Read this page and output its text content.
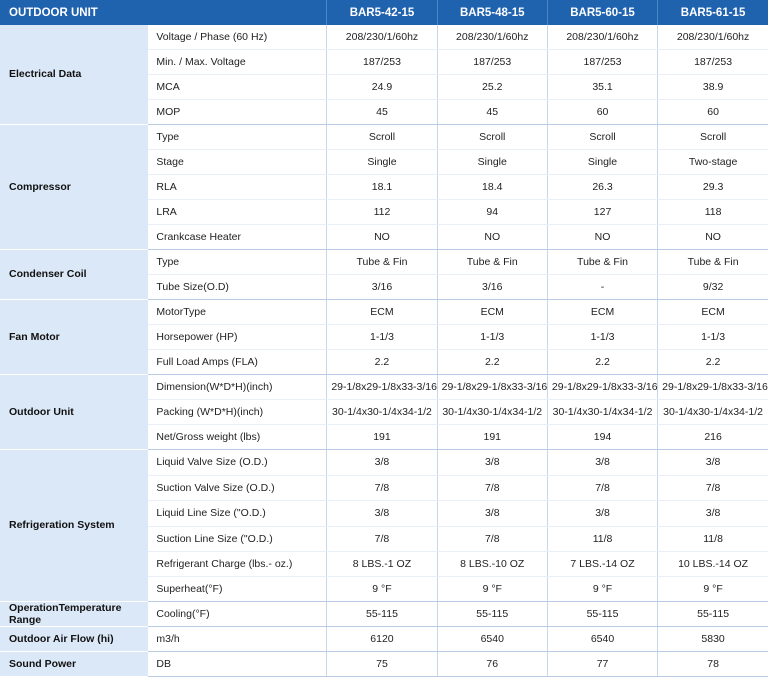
OUTDOOR UNIT		BAR5-42-15	BAR5-48-15	BAR5-60-15	BAR5-61-15
Electrical Data	Voltage / Phase (60 Hz)	208/230/1/60hz	208/230/1/60hz	208/230/1/60hz	208/230/1/60hz
	Min. / Max. Voltage	187/253	187/253	187/253	187/253
	MCA	24.9	25.2	35.1	38.9
	MOP	45	45	60	60
Compressor	Type	Scroll	Scroll	Scroll	Scroll
	Stage	Single	Single	Single	Two-stage
	RLA	18.1	18.4	26.3	29.3
	LRA	112	94	127	118
	Crankcase Heater	NO	NO	NO	NO
Condenser Coil	Type	Tube & Fin	Tube & Fin	Tube & Fin	Tube & Fin
	Tube Size(O.D)	3/16	3/16	-	9/32
Fan Motor	MotorType	ECM	ECM	ECM	ECM
	Horsepower (HP)	1-1/3	1-1/3	1-1/3	1-1/3
	Full Load Amps (FLA)	2.2	2.2	2.2	2.2
Outdoor Unit	Dimension(W*D*H)(inch)	29-1/8x29-1/8x33-3/16	29-1/8x29-1/8x33-3/16	29-1/8x29-1/8x33-3/16	29-1/8x29-1/8x33-3/16
	Packing (W*D*H)(inch)	30-1/4x30-1/4x34-1/2	30-1/4x30-1/4x34-1/2	30-1/4x30-1/4x34-1/2	30-1/4x30-1/4x34-1/2
	Net/Gross weight (lbs)	191	191	194	216
Refrigeration System	Liquid Valve Size (O.D.)	3/8	3/8	3/8	3/8
	Suction Valve Size (O.D.)	7/8	7/8	7/8	7/8
	Liquid Line Size ("O.D.)	3/8	3/8	3/8	3/8
	Suction Line Size ("O.D.)	7/8	7/8	11/8	11/8
	Refrigerant Charge (lbs.- oz.)	8 LBS.-1 OZ	8 LBS.-10 OZ	7 LBS.-14 OZ	10 LBS.-14 OZ
	Superheat(°F)	9 °F	9 °F	9 °F	9 °F
OperationTemperature Range	Cooling(°F)	55-115	55-115	55-115	55-115
Outdoor Air Flow (hi)	m3/h	6120	6540	6540	5830
Sound Power	DB	75	76	77	78
